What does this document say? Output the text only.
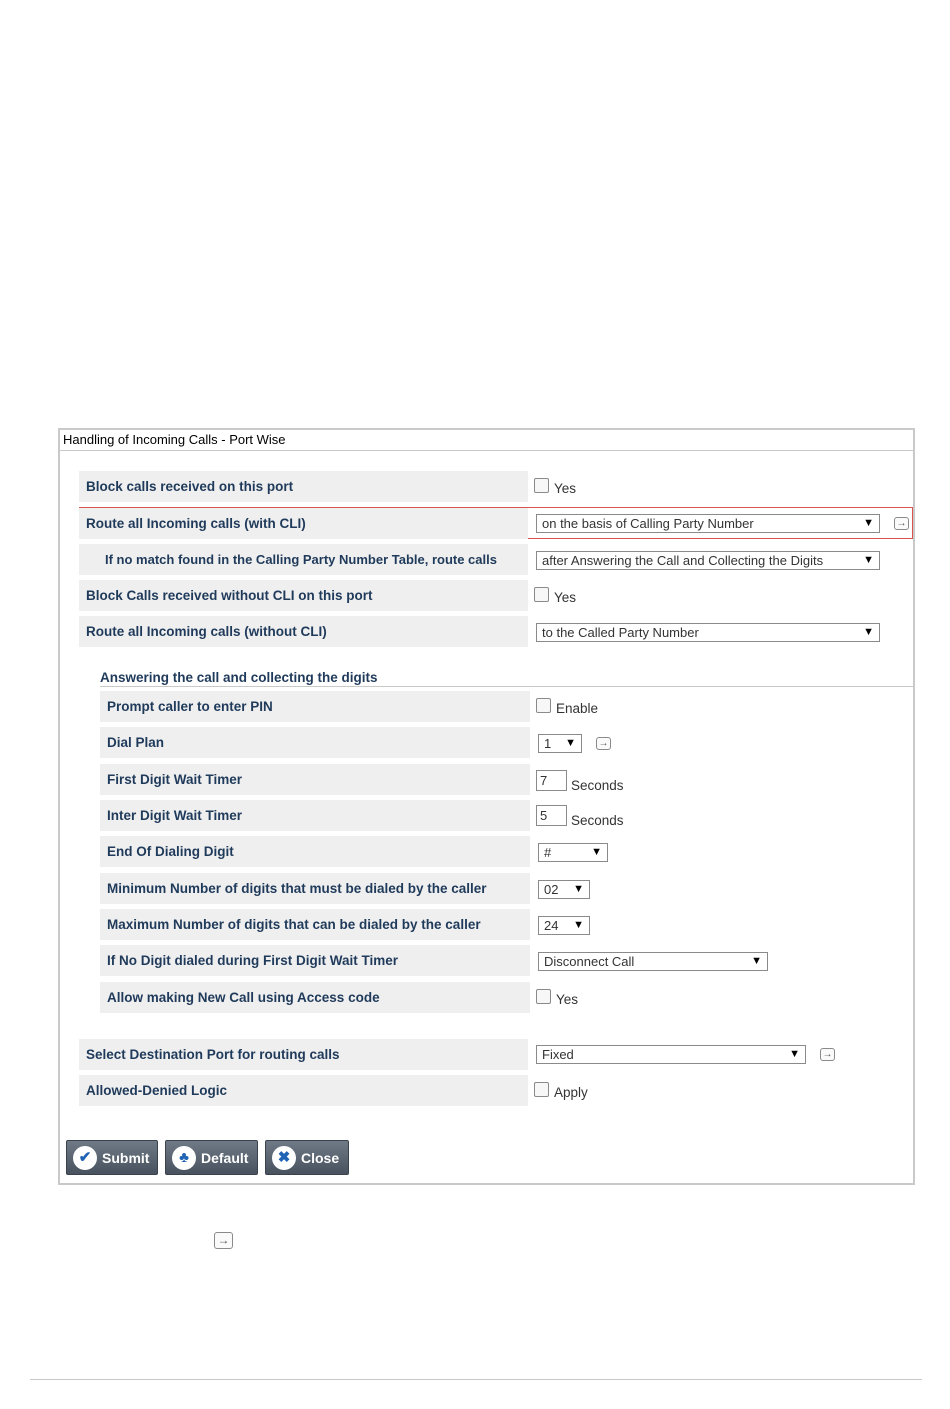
Handling of Incoming Calls - Port Wise
Block calls received on this port	Yes
Route all Incoming calls (with CLI)	on the basis of Calling Party Number	▼ →
If no match found in the Calling Party Number Table, route calls	after Answering the Call and Collecting the Digits	▼
Block Calls received without CLI on this port	Yes
Route all Incoming calls (without CLI)	to the Called Party Number	▼
Answering the call and collecting the digits
Prompt caller to enter PIN	Enable
Dial Plan	1 ▼ →
First Digit Wait Timer	7	Seconds
Inter Digit Wait Timer	5	Seconds
End Of Dialing Digit	#	▼
Minimum Number of digits that must be dialed by the caller	02 ▼
Maximum Number of digits that can be dialed by the caller	24 ▼
If No Digit dialed during First Digit Wait Timer	Disconnect Call	▼
Allow making New Call using Access code	Yes
Select Destination Port for routing calls	Fixed	▼ →
Allowed-Denied Logic	Apply
✔ Submit	♣ Default	✖ Close
→
